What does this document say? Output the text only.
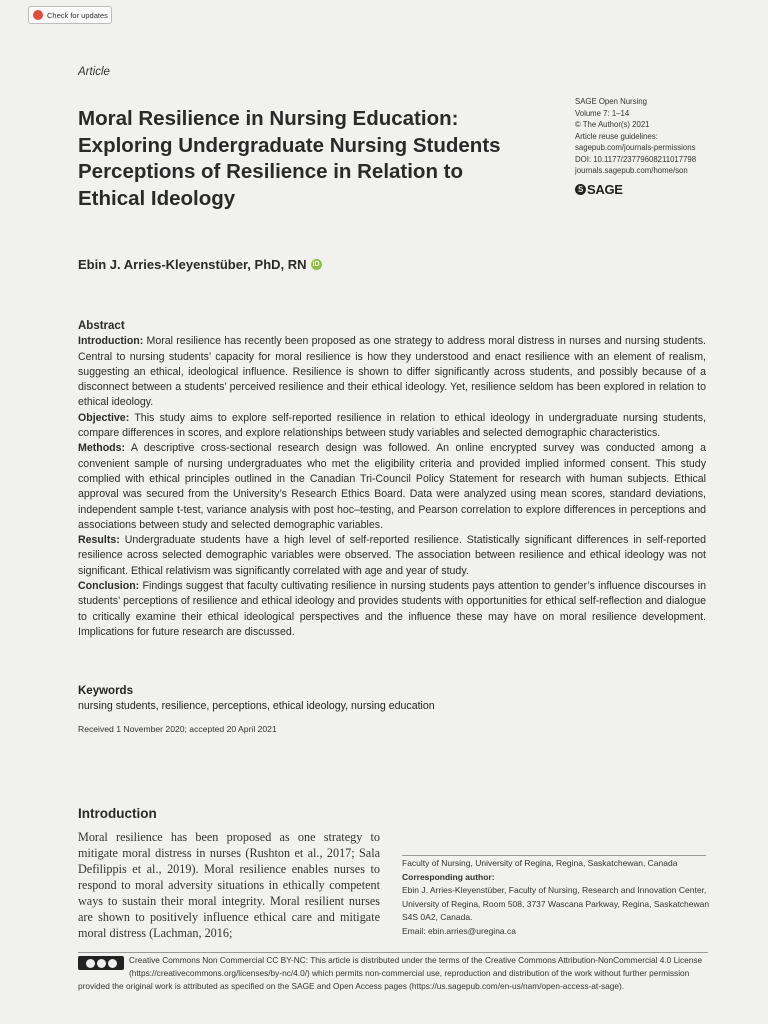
Check for updates
Article
Moral Resilience in Nursing Education: Exploring Undergraduate Nursing Students Perceptions of Resilience in Relation to Ethical Ideology
SAGE Open Nursing
Volume 7: 1–14
© The Author(s) 2021
Article reuse guidelines:
sagepub.com/journals-permissions
DOI: 10.1177/23779608211017798
journals.sagepub.com/home/son
S SAGE
Ebin J. Arries-Kleyenstüber, PhD, RN iD
Abstract

Introduction: Moral resilience has recently been proposed as one strategy to address moral distress in nurses and nursing students. Central to nursing students’ capacity for moral resilience is how they understood and enact resilience with an element of realism, suggesting an ethical, ideological influence. Resilience is shown to differ significantly across students, and possibly because of a disconnect between a students’ perceived resilience and their ethical ideology. Yet, resilience seldom has been explored in relation to ethical ideology.

Objective: This study aims to explore self-reported resilience in relation to ethical ideology in undergraduate nursing students, compare differences in scores, and explore relationships between study variables and selected demographic characteristics.

Methods: A descriptive cross-sectional research design was followed. An online encrypted survey was conducted among a convenient sample of nursing undergraduates who met the eligibility criteria and provided implied informed consent. This study complied with ethical principles outlined in the Canadian Tri-Council Policy Statement for research with human subjects. Ethical approval was secured from the University’s Research Ethics Board. Data were analyzed using mean scores, standard deviations, independent sample t-test, variance analysis with post hoc–testing, and Pearson correlation to explore differences in perceptions and associations between study and selected demographic variables.

Results: Undergraduate students have a high level of self-reported resilience. Statistically significant differences in self-reported resilience across selected demographic variables were observed. The association between resilience and ethical ideology was not significant. Ethical relativism was significantly correlated with age and year of study.

Conclusion: Findings suggest that faculty cultivating resilience in nursing students pays attention to gender’s influence discourses in students’ perceptions of resilience and ethical ideology and provides students with opportunities for ethical self-reflection and dialogue to critically examine their ethical ideological perspectives and the influence these may have on moral resilience development. Implications for future research are discussed.

Keywords
nursing students, resilience, perceptions, ethical ideology, nursing education
Received 1 November 2020; accepted 20 April 2021
Introduction
Moral resilience has been proposed as one strategy to mitigate moral distress in nurses (Rushton et al., 2017; Sala Defilippis et al., 2019). Moral resilience enables nurses to respond to moral adversity situations in ethically competent ways to sustain their moral integrity. Moral resilient nurses are shown to positively influence ethical care and mitigate moral distress (Lachman, 2016;
Faculty of Nursing, University of Regina, Regina, Saskatchewan, Canada
Corresponding author:
Ebin J. Arries-Kleyenstüber, Faculty of Nursing, Research and Innovation Center, University of Regina, Room 508, 3737 Wascana Parkway, Regina, Saskatchewan S4S 0A2, Canada.
Email: ebin.arries@uregina.ca
Creative Commons Non Commercial CC BY-NC: This article is distributed under the terms of the Creative Commons Attribution-NonCommercial 4.0 License (https://creativecommons.org/licenses/by-nc/4.0/) which permits non-commercial use, reproduction and distribution of the work without further permission provided the original work is attributed as specified on the SAGE and Open Access pages (https://us.sagepub.com/en-us/nam/open-access-at-sage).
